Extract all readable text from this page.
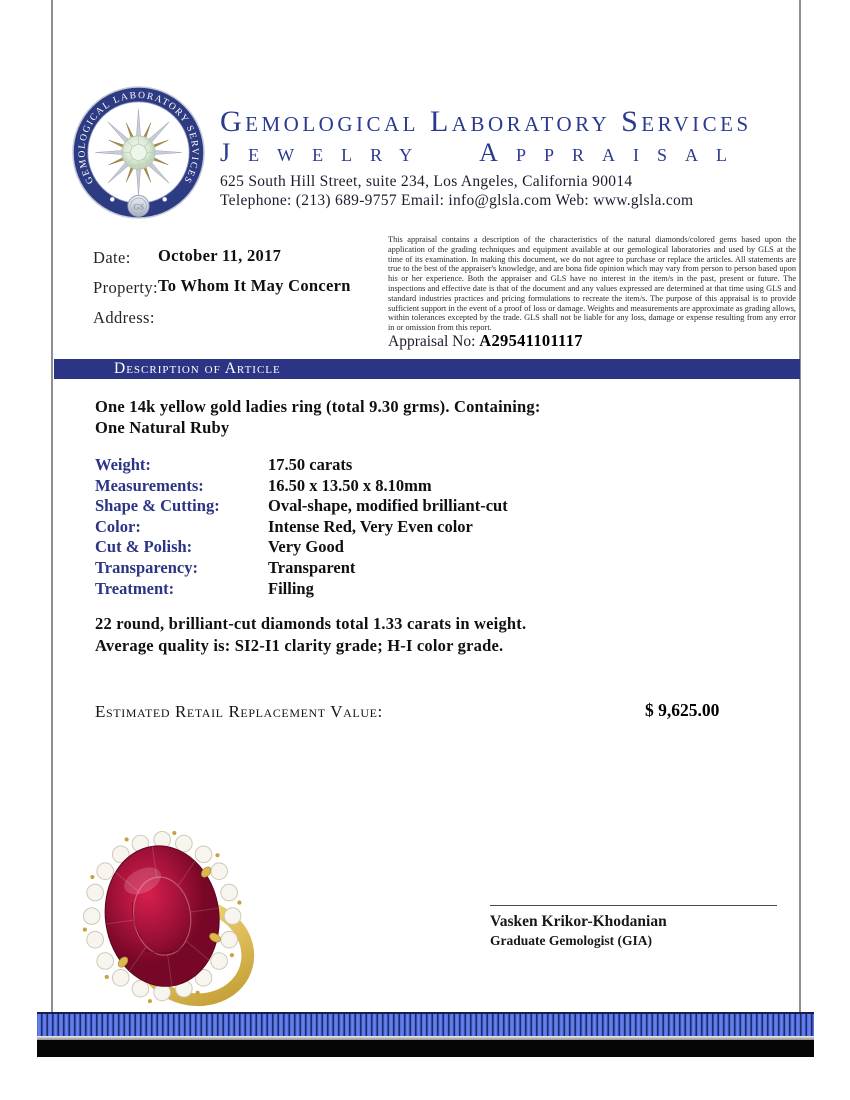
GEMOLOGICAL LABORATORY SERVICES
GS
Gemological Laboratory Services
Jewelry Appraisal
625 South Hill Street, suite 234, Los Angeles, California 90014
Telephone: (213) 689-9757 Email: info@glsla.com Web: www.glsla.com
Date: October 11, 2017
Property: To Whom It May Concern
Address:
This appraisal contains a description of the characteristics of the natural diamonds/colored gems based upon the application of the grading techniques and equipment available at our gemological laboratories and used by GLS at the time of its examination. In making this document, we do not agree to purchase or replace the articles. All statements are true to the best of the appraiser's knowledge, and are bona fide opinion which may vary from person to person based upon his or her experience. Both the appraiser and GLS have no interest in the item/s in the past, present or future. The inspections and effective date is that of the document and any values expressed are determined at that time using GLS and standard industries practices and pricing formulations to recreate the item/s. The purpose of this appraisal is to provide sufficient support in the event of a proof of loss or damage. Weights and measurements are approximate as grading allows, within tolerances excepted by the trade. GLS shall not be liable for any loss, damage or expense resulting from any error in or omission from this report.
Appraisal No: A29541101117
Description of Article
One 14k yellow gold ladies ring (total 9.30 grms). Containing:
One Natural Ruby
Weight:	17.50 carats
Measurements:	16.50 x 13.50 x 8.10mm
Shape & Cutting:	Oval-shape, modified brilliant-cut
Color:	Intense Red, Very Even color
Cut & Polish:	Very Good
Transparency:	Transparent
Treatment:	Filling
22 round, brilliant-cut diamonds total 1.33 carats in weight.
Average quality is: SI2-I1 clarity grade; H-I color grade.
Estimated Retail Replacement Value:	$ 9,625.00
Vasken Krikor-Khodanian
Graduate Gemologist (GIA)
